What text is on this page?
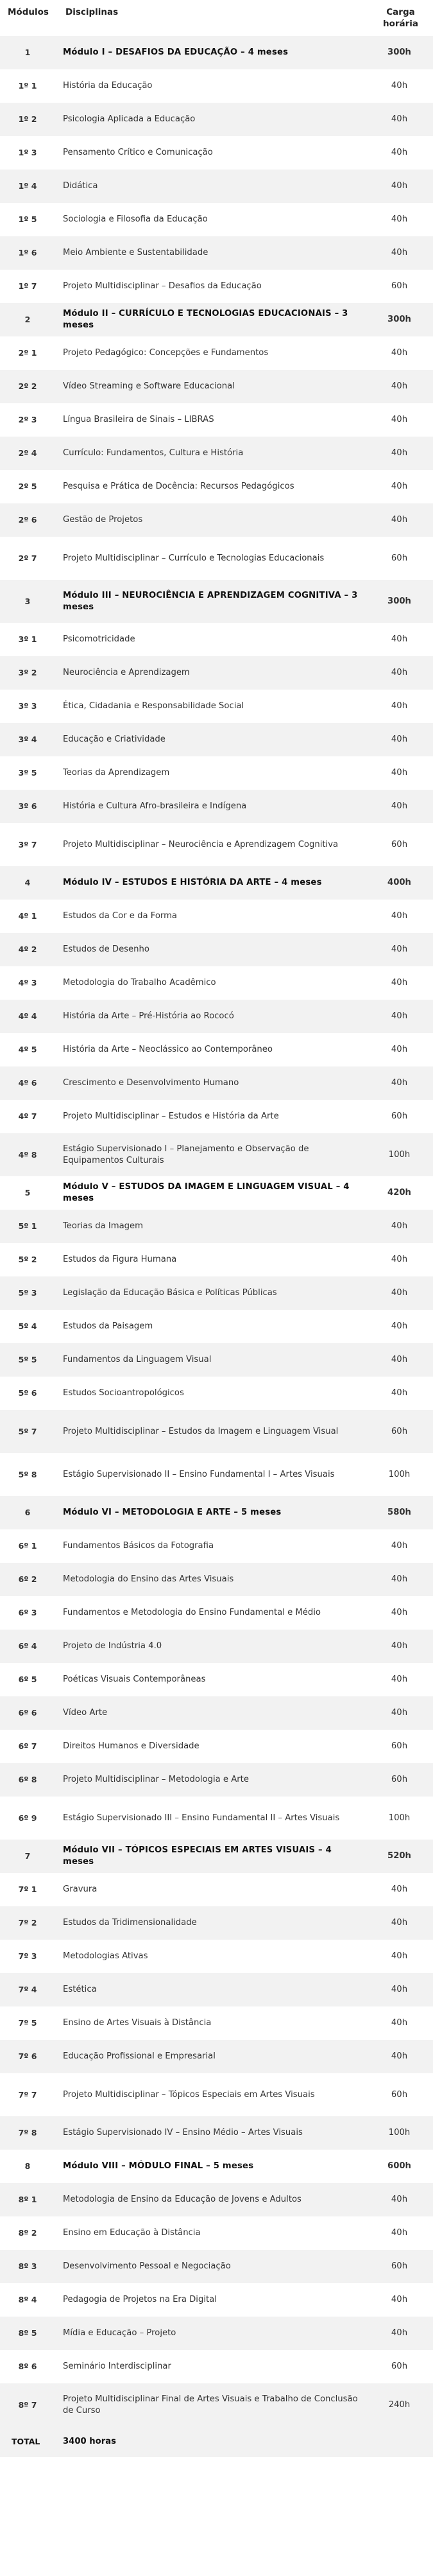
Módulos	Disciplinas	Carga horária
1	Módulo I – DESAFIOS DA EDUCAÇÃO – 4 meses	300h
1º 1	História da Educação	40h
1º 2	Psicologia Aplicada a Educação	40h
1º 3	Pensamento Crítico e Comunicação	40h
1º 4	Didática	40h
1º 5	Sociologia e Filosofia da Educação	40h
1º 6	Meio Ambiente e Sustentabilidade	40h
1º 7	Projeto Multidisciplinar – Desafios da Educação	60h
2	Módulo II – CURRÍCULO E TECNOLOGIAS EDUCACIONAIS – 3 meses	300h
2º 1	Projeto Pedagógico: Concepções e Fundamentos	40h
2º 2	Vídeo Streaming e Software Educacional	40h
2º 3	Língua Brasileira de Sinais – LIBRAS	40h
2º 4	Currículo: Fundamentos, Cultura e História	40h
2º 5	Pesquisa e Prática de Docência: Recursos Pedagógicos	40h
2º 6	Gestão de Projetos	40h
2º 7	Projeto Multidisciplinar – Currículo e Tecnologias Educacionais	60h
3	Módulo III – NEUROCIÊNCIA E APRENDIZAGEM COGNITIVA – 3 meses	300h
3º 1	Psicomotricidade	40h
3º 2	Neurociência e Aprendizagem	40h
3º 3	Ética, Cidadania e Responsabilidade Social	40h
3º 4	Educação e Criatividade	40h
3º 5	Teorias da Aprendizagem	40h
3º 6	História e Cultura Afro-brasileira e Indígena	40h
3º 7	Projeto Multidisciplinar – Neurociência e Aprendizagem Cognitiva	60h
4	Módulo IV – ESTUDOS E HISTÓRIA DA ARTE – 4 meses	400h
4º 1	Estudos da Cor e da Forma	40h
4º 2	Estudos de Desenho	40h
4º 3	Metodologia do Trabalho Acadêmico	40h
4º 4	História da Arte – Pré-História ao Rococó	40h
4º 5	História da Arte – Neoclássico ao Contemporâneo	40h
4º 6	Crescimento e Desenvolvimento Humano	40h
4º 7	Projeto Multidisciplinar – Estudos e História da Arte	60h
4º 8	Estágio Supervisionado I – Planejamento e Observação de Equipamentos Culturais	100h
5	Módulo V – ESTUDOS DA IMAGEM E LINGUAGEM VISUAL – 4 meses	420h
5º 1	Teorias da Imagem	40h
5º 2	Estudos da Figura Humana	40h
5º 3	Legislação da Educação Básica e Políticas Públicas	40h
5º 4	Estudos da Paisagem	40h
5º 5	Fundamentos da Linguagem Visual	40h
5º 6	Estudos Socioantropológicos	40h
5º 7	Projeto Multidisciplinar – Estudos da Imagem e Linguagem Visual	60h
5º 8	Estágio Supervisionado II – Ensino Fundamental I – Artes Visuais	100h
6	Módulo VI – METODOLOGIA E ARTE – 5 meses	580h
6º 1	Fundamentos Básicos da Fotografia	40h
6º 2	Metodologia do Ensino das Artes Visuais	40h
6º 3	Fundamentos e Metodologia do Ensino Fundamental e Médio	40h
6º 4	Projeto de Indústria 4.0	40h
6º 5	Poéticas Visuais Contemporâneas	40h
6º 6	Vídeo Arte	40h
6º 7	Direitos Humanos e Diversidade	60h
6º 8	Projeto Multidisciplinar – Metodologia e Arte	60h
6º 9	Estágio Supervisionado III – Ensino Fundamental II – Artes Visuais	100h
7	Módulo VII – TÓPICOS ESPECIAIS EM ARTES VISUAIS – 4 meses	520h
7º 1	Gravura	40h
7º 2	Estudos da Tridimensionalidade	40h
7º 3	Metodologias Ativas	40h
7º 4	Estética	40h
7º 5	Ensino de Artes Visuais à Distância	40h
7º 6	Educação Profissional e Empresarial	40h
7º 7	Projeto Multidisciplinar – Tópicos Especiais em Artes Visuais	60h
7º 8	Estágio Supervisionado IV – Ensino Médio – Artes Visuais	100h
8	Módulo VIII – MÓDULO FINAL – 5 meses	600h
8º 1	Metodologia de Ensino da Educação de Jovens e Adultos	40h
8º 2	Ensino em Educação à Distância	40h
8º 3	Desenvolvimento Pessoal e Negociação	60h
8º 4	Pedagogia de Projetos na Era Digital	40h
8º 5	Mídia e Educação – Projeto	40h
8º 6	Seminário Interdisciplinar	60h
8º 7	Projeto Multidisciplinar Final de Artes Visuais e Trabalho de Conclusão de Curso	240h
TOTAL	3400 horas	
